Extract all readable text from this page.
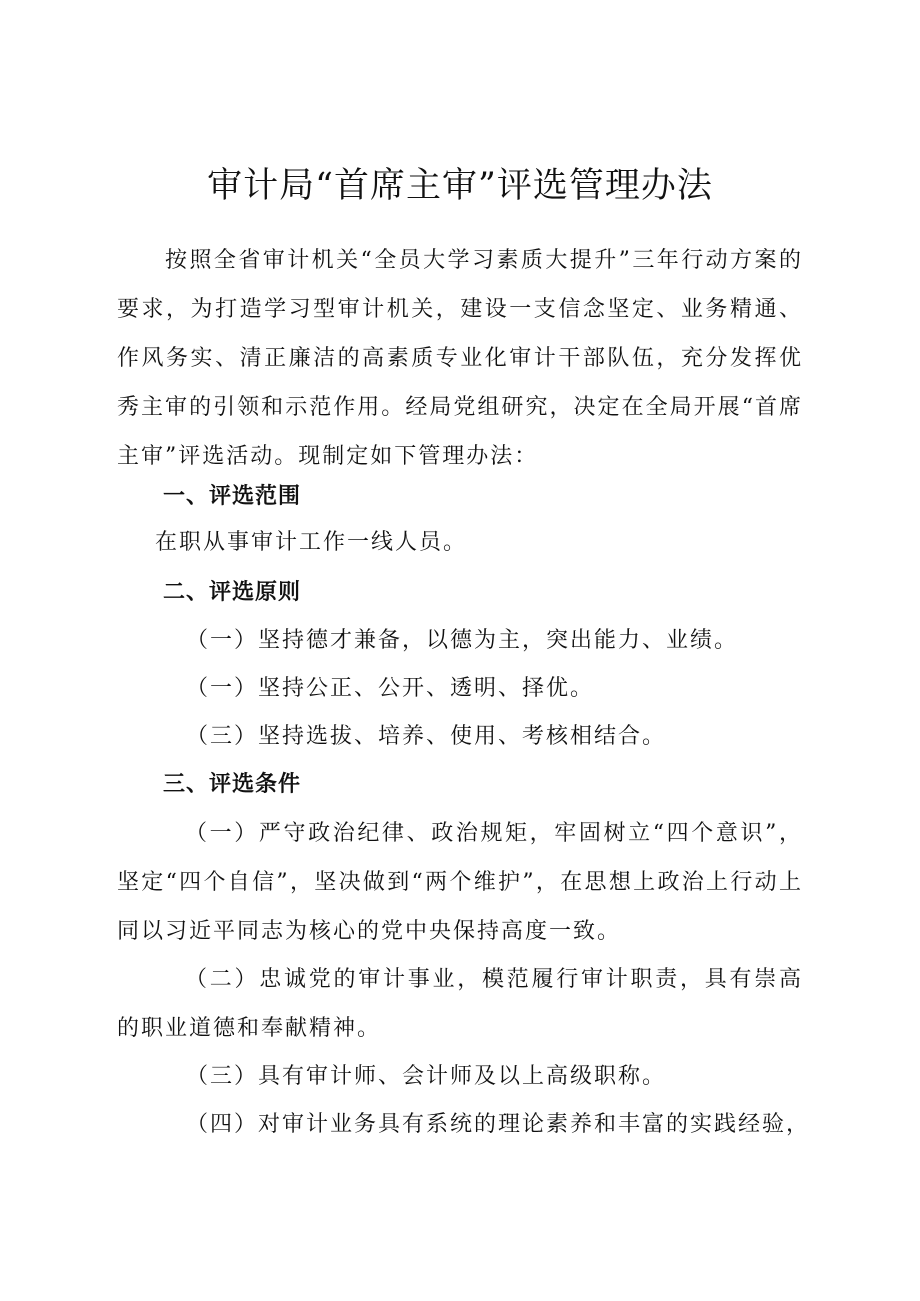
审计局“首席主审”评选管理办法

按照全省审计机关“全员大学习素质大提升”三年行动方案的要求，为打造学习型审计机关，建设一支信念坚定、业务精通、作风务实、清正廉洁的高素质专业化审计干部队伍，充分发挥优秀主审的引领和示范作用。经局党组研究，决定在全局开展“首席主审”评选活动。现制定如下管理办法：

一、评选范围
在职从事审计工作一线人员。
二、评选原则
（一）坚持德才兼备，以德为主，突出能力、业绩。
（一）坚持公正、公开、透明、择优。
（三）坚持选拔、培养、使用、考核相结合。
三、评选条件

（一）严守政治纪律、政治规矩，牢固树立“四个意识”，坚定“四个自信”，坚决做到“两个维护”，在思想上政治上行动上同以习近平同志为核心的党中央保持高度一致。

（二）忠诚党的审计事业，模范履行审计职责，具有崇高的职业道德和奉献精神。

（三）具有审计师、会计师及以上高级职称。
（四）对审计业务具有系统的理论素养和丰富的实践经验，
